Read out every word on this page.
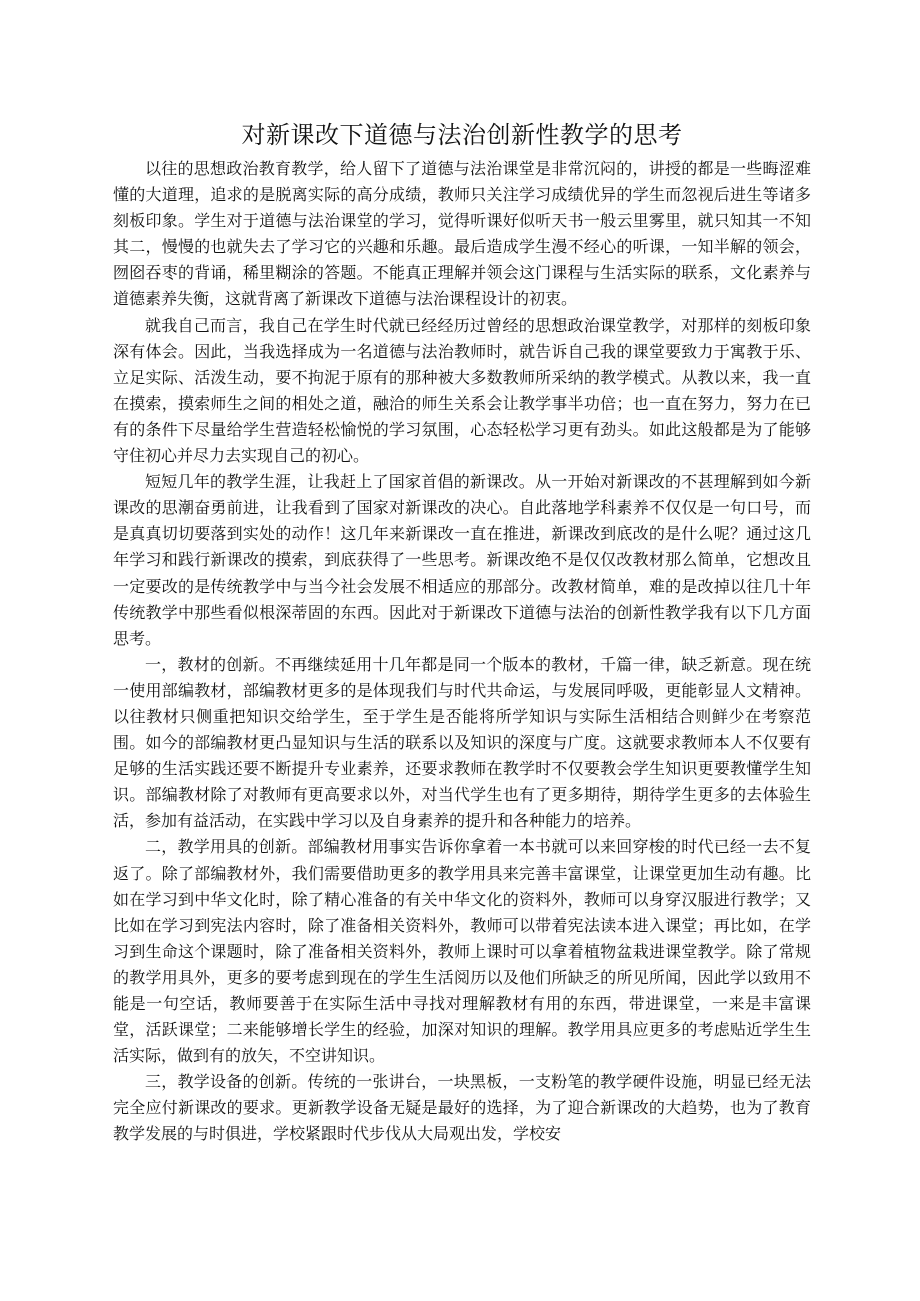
对新课改下道德与法治创新性教学的思考

以往的思想政治教育教学，给人留下了道德与法治课堂是非常沉闷的，讲授的都是一些晦涩难懂的大道理，追求的是脱离实际的高分成绩，教师只关注学习成绩优异的学生而忽视后进生等诸多刻板印象。学生对于道德与法治课堂的学习，觉得听课好似听天书一般云里雾里，就只知其一不知其二，慢慢的也就失去了学习它的兴趣和乐趣。最后造成学生漫不经心的听课，一知半解的领会，囫囵吞枣的背诵，稀里糊涂的答题。不能真正理解并领会这门课程与生活实际的联系，文化素养与道德素养失衡，这就背离了新课改下道德与法治课程设计的初衷。

就我自己而言，我自己在学生时代就已经经历过曾经的思想政治课堂教学，对那样的刻板印象深有体会。因此，当我选择成为一名道德与法治教师时，就告诉自己我的课堂要致力于寓教于乐、立足实际、活泼生动，要不拘泥于原有的那种被大多数教师所采纳的教学模式。从教以来，我一直在摸索，摸索师生之间的相处之道，融洽的师生关系会让教学事半功倍；也一直在努力，努力在已有的条件下尽量给学生营造轻松愉悦的学习氛围，心态轻松学习更有劲头。如此这般都是为了能够守住初心并尽力去实现自己的初心。

短短几年的教学生涯，让我赶上了国家首倡的新课改。从一开始对新课改的不甚理解到如今新课改的思潮奋勇前进，让我看到了国家对新课改的决心。自此落地学科素养不仅仅是一句口号，而是真真切切要落到实处的动作！这几年来新课改一直在推进，新课改到底改的是什么呢？通过这几年学习和践行新课改的摸索，到底获得了一些思考。新课改绝不是仅仅改教材那么简单，它想改且一定要改的是传统教学中与当今社会发展不相适应的那部分。改教材简单，难的是改掉以往几十年传统教学中那些看似根深蒂固的东西。因此对于新课改下道德与法治的创新性教学我有以下几方面思考。

一，教材的创新。不再继续延用十几年都是同一个版本的教材，千篇一律，缺乏新意。现在统一使用部编教材，部编教材更多的是体现我们与时代共命运，与发展同呼吸，更能彰显人文精神。以往教材只侧重把知识交给学生，至于学生是否能将所学知识与实际生活相结合则鲜少在考察范围。如今的部编教材更凸显知识与生活的联系以及知识的深度与广度。这就要求教师本人不仅要有足够的生活实践还要不断提升专业素养，还要求教师在教学时不仅要教会学生知识更要教懂学生知识。部编教材除了对教师有更高要求以外，对当代学生也有了更多期待，期待学生更多的去体验生活，参加有益活动，在实践中学习以及自身素养的提升和各种能力的培养。

二，教学用具的创新。部编教材用事实告诉你拿着一本书就可以来回穿梭的时代已经一去不复返了。除了部编教材外，我们需要借助更多的教学用具来完善丰富课堂，让课堂更加生动有趣。比如在学习到中华文化时，除了精心准备的有关中华文化的资料外，教师可以身穿汉服进行教学；又比如在学习到宪法内容时，除了准备相关资料外，教师可以带着宪法读本进入课堂；再比如，在学习到生命这个课题时，除了准备相关资料外，教师上课时可以拿着植物盆栽进课堂教学。除了常规的教学用具外，更多的要考虑到现在的学生生活阅历以及他们所缺乏的所见所闻，因此学以致用不能是一句空话，教师要善于在实际生活中寻找对理解教材有用的东西，带进课堂，一来是丰富课堂，活跃课堂；二来能够增长学生的经验，加深对知识的理解。教学用具应更多的考虑贴近学生生活实际，做到有的放矢，不空讲知识。

三，教学设备的创新。传统的一张讲台，一块黑板，一支粉笔的教学硬件设施，明显已经无法完全应付新课改的要求。更新教学设备无疑是最好的选择，为了迎合新课改的大趋势，也为了教育教学发展的与时俱进，学校紧跟时代步伐从大局观出发，学校安
